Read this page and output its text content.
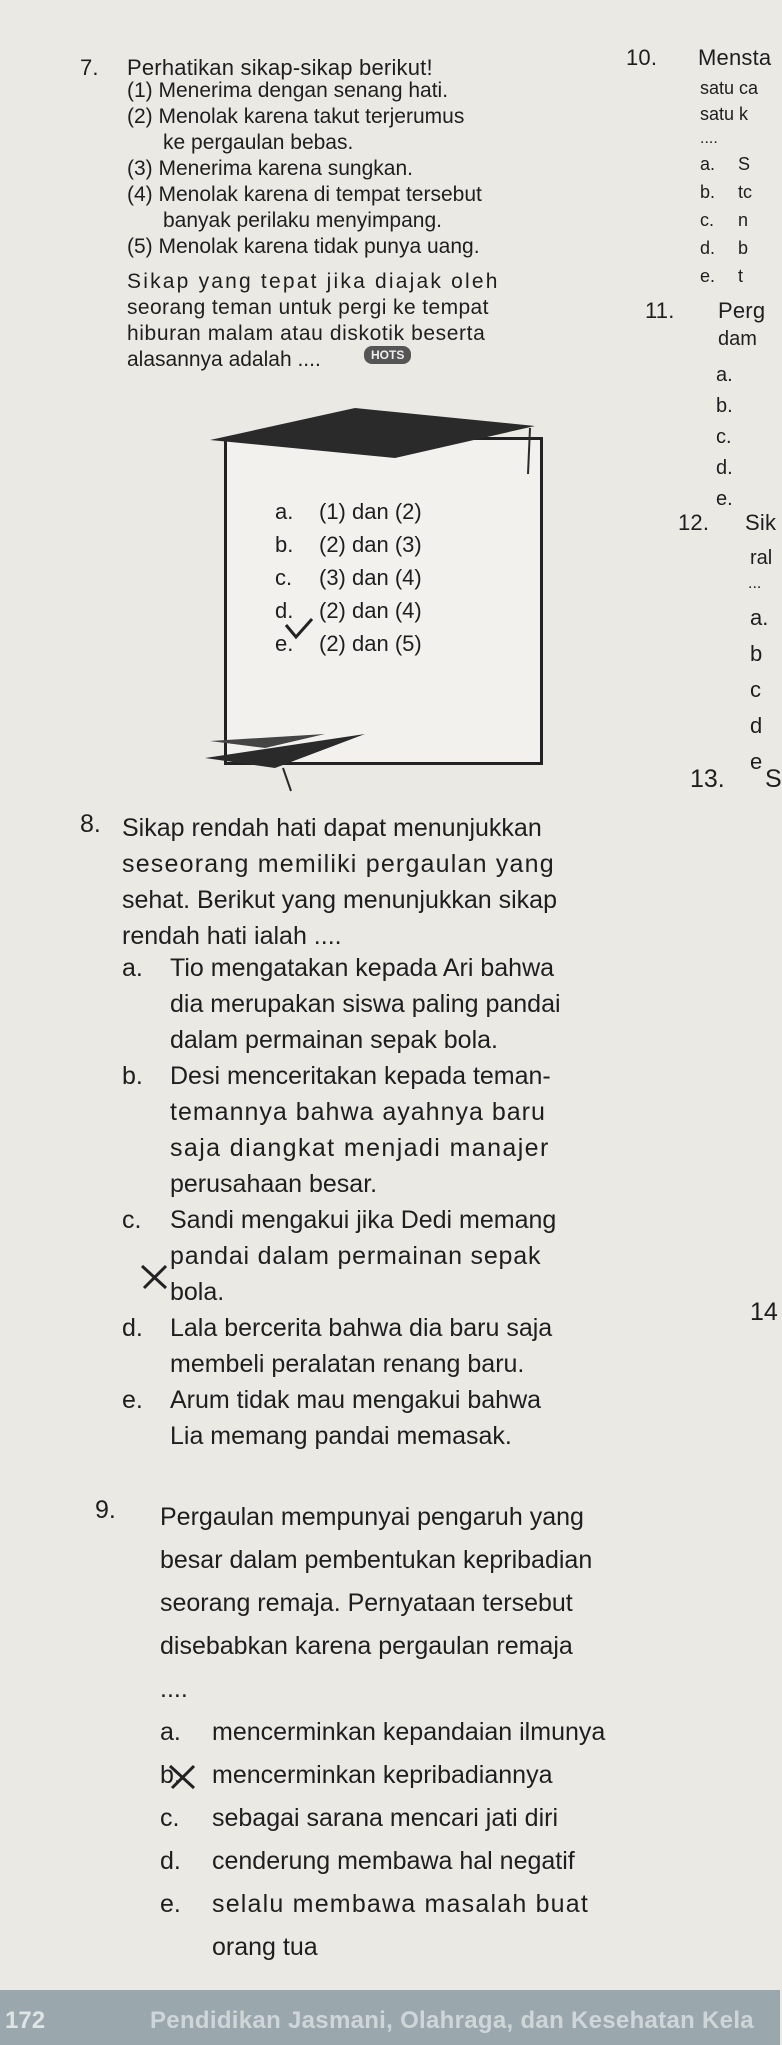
7. Perhatikan sikap-sikap berikut!
(1) Menerima dengan senang hati.
(2) Menolak karena takut terjerumus
ke pergaulan bebas.
(3) Menerima karena sungkan.
(4) Menolak karena di tempat tersebut
banyak perilaku menyimpang.
(5) Menolak karena tidak punya uang.
Sikap yang tepat jika diajak oleh
seorang teman untuk pergi ke tempat
hiburan malam atau diskotik beserta
alasannya adalah ....	HOTS
a. (1) dan (2)
b. (2) dan (3)
c. (3) dan (4)
d. (2) dan (4)
e. (2) dan (5)
8. Sikap rendah hati dapat menunjukkan
seseorang memiliki pergaulan yang
sehat. Berikut yang menunjukkan sikap
rendah hati ialah ....
a. Tio mengatakan kepada Ari bahwa
dia merupakan siswa paling pandai
dalam permainan sepak bola.
b. Desi menceritakan kepada teman-
temannya bahwa ayahnya baru
saja diangkat menjadi manajer
perusahaan besar.
c. Sandi mengakui jika Dedi memang
pandai dalam permainan sepak
bola.
d. Lala bercerita bahwa dia baru saja
membeli peralatan renang baru.
e. Arum tidak mau mengakui bahwa
Lia memang pandai memasak.
9. Pergaulan mempunyai pengaruh yang
besar dalam pembentukan kepribadian
seorang remaja. Pernyataan tersebut
disebabkan karena pergaulan remaja
....
a. mencerminkan kepandaian ilmunya
b. mencerminkan kepribadiannya
c. sebagai sarana mencari jati diri
d. cenderung membawa hal negatif
e. selalu membawa masalah buat
orang tua
10. Mensta
satu ca
satu k
....
a. S
b. tc
c. n
d. b
e. t
11. Perg
dam
a.
b.
c.
d.
e.
12. Sik
ral
...
a.
b
c
d
e
13. S
14
172	Pendidikan Jasmani, Olahraga, dan Kesehatan Kela
